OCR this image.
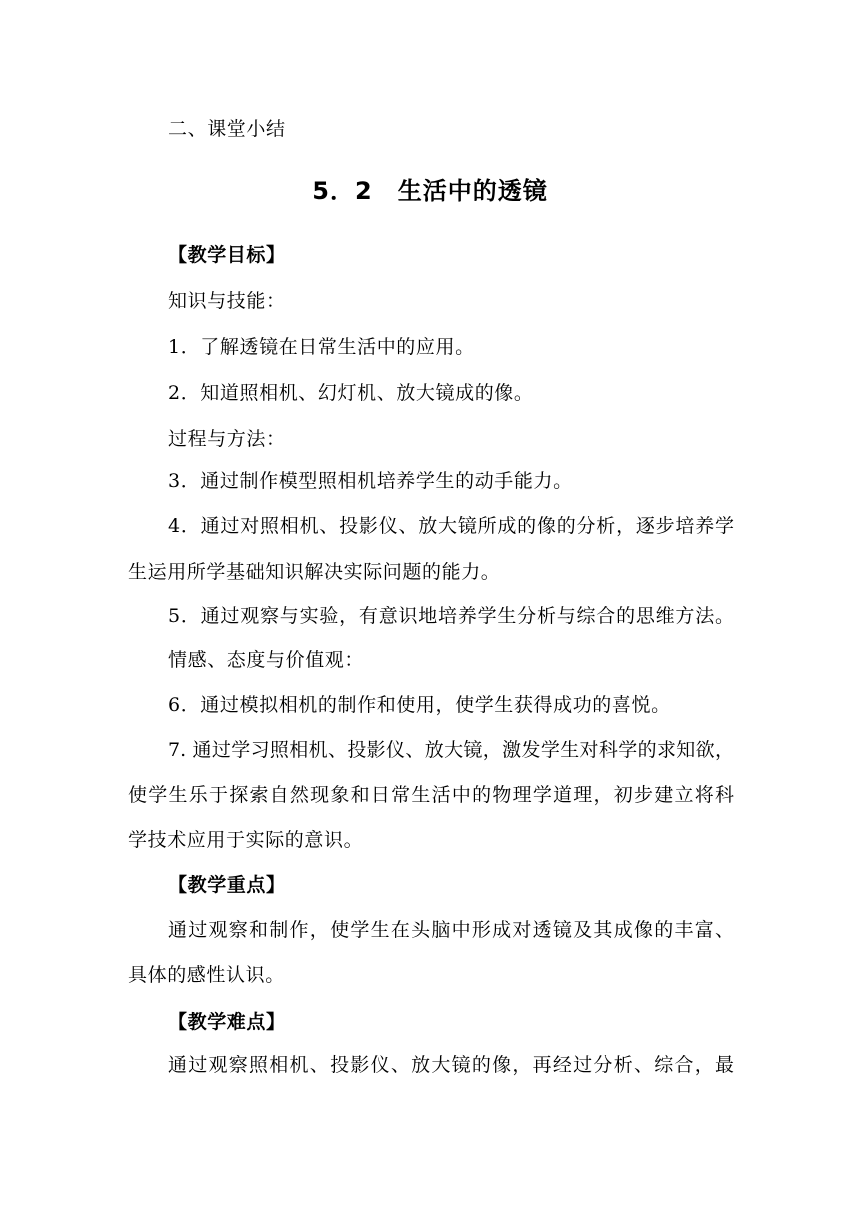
二、课堂小结
5．2　生活中的透镜
【教学目标】
知识与技能：
1．了解透镜在日常生活中的应用。
2．知道照相机、幻灯机、放大镜成的像。
过程与方法：
3．通过制作模型照相机培养学生的动手能力。
4．通过对照相机、投影仪、放大镜所成的像的分析，逐步培养学
生运用所学基础知识解决实际问题的能力。
5．通过观察与实验，有意识地培养学生分析与综合的思维方法。
情感、态度与价值观：
6．通过模拟相机的制作和使用，使学生获得成功的喜悦。
7. 通过学习照相机、投影仪、放大镜，激发学生对科学的求知欲，
使学生乐于探索自然现象和日常生活中的物理学道理，初步建立将科
学技术应用于实际的意识。
【教学重点】
通过观察和制作，使学生在头脑中形成对透镜及其成像的丰富、
具体的感性认识。
【教学难点】
通过观察照相机、投影仪、放大镜的像，再经过分析、综合，最
